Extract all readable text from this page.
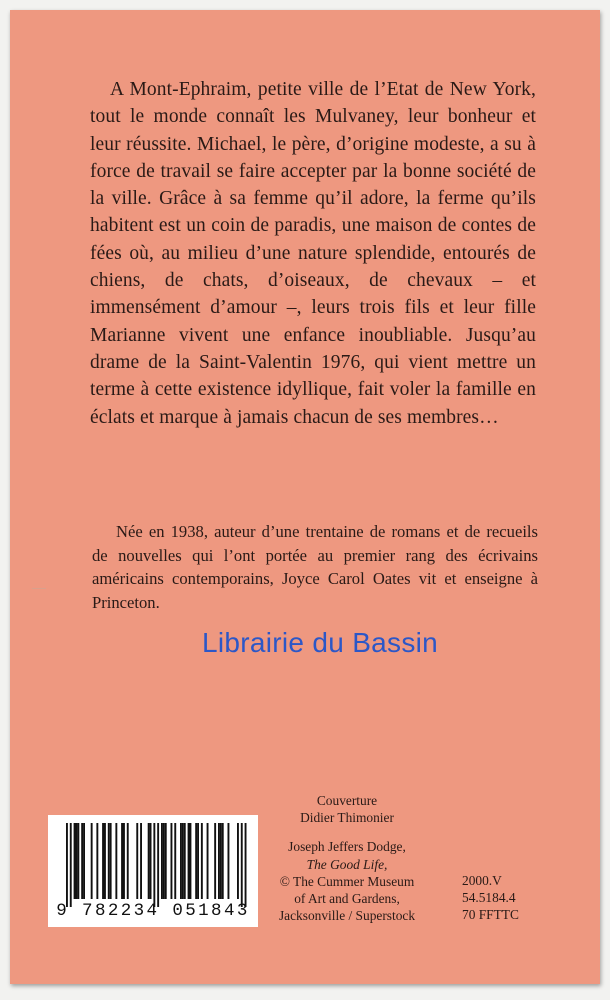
A Mont-Ephraim, petite ville de l’Etat de New York, tout le monde connaît les Mulvaney, leur bonheur et leur réussite. Michael, le père, d’origine modeste, a su à force de travail se faire accepter par la bonne société de la ville. Grâce à sa femme qu’il adore, la ferme qu’ils habitent est un coin de paradis, une maison de contes de fées où, au milieu d’une nature splendide, entourés de chiens, de chats, d’oiseaux, de chevaux – et immensément d’amour –, leurs trois fils et leur fille Marianne vivent une enfance inoubliable. Jusqu’au drame de la Saint-Valentin 1976, qui vient mettre un terme à cette existence idyllique, fait voler la famille en éclats et marque à jamais chacun de ses membres…

Née en 1938, auteur d’une trentaine de romans et de recueils de nouvelles qui l’ont portée au premier rang des écrivains américains contemporains, Joyce Carol Oates vit et enseigne à Princeton.

Librairie du Bassin
Couverture
Didier Thimonier
Joseph Jeffers Dodge,
The Good Life,
© The Cummer Museum
of Art and Gardens,
Jacksonville / Superstock
2000.V
54.5184.4
70 FFTTC
9 782234 051843
